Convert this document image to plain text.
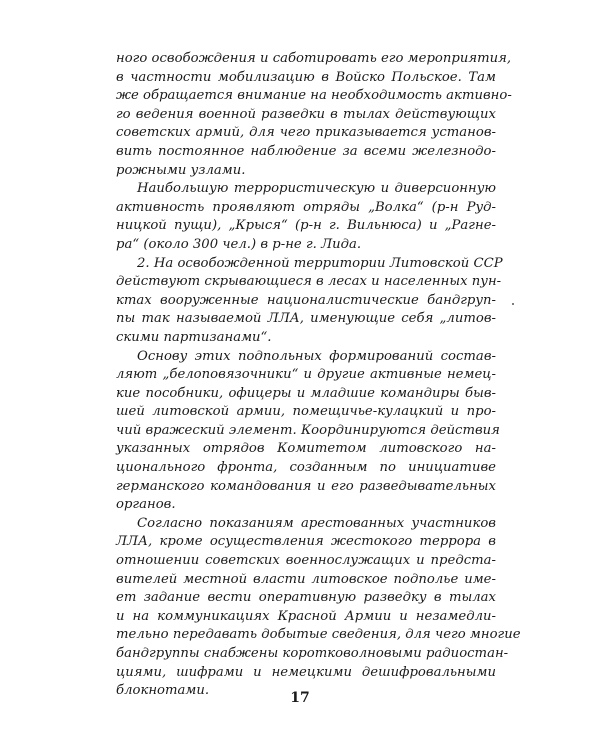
ного освобождения и саботировать его мероприятия,
в частности мобилизацию в Войско Польское. Там
же обращается внимание на необходимость активно-
го ведения военной разведки в тылах действующих
советских армий, для чего приказывается установ-
вить постоянное наблюдение за всеми железнодо-
рожными узлами.
Наибольшую террористическую и диверсионную
активность проявляют отряды „Волка“ (р-н Руд-
ницкой пущи), „Крыся“ (р-н г. Вильнюса) и „Рагне-
ра“ (около 300 чел.) в р-не г. Лида.
2. На освобожденной территории Литовской ССР
действуют скрывающиеся в лесах и населенных пун-
ктах вооруженные националистические бандгруп-
пы так называемой ЛЛА, именующие себя „литов-
скими партизанами“.
Основу этих подпольных формирований состав-
ляют „белоповязочники“ и другие активные немец-
кие пособники, офицеры и младшие командиры быв-
шей литовской армии, помещичье-кулацкий и про-
чий вражеский элемент. Координируются действия
указанных отрядов Комитетом литовского на-
ционального фронта, созданным по инициативе
германского командования и его разведывательных
органов.
Согласно показаниям арестованных участников
ЛЛА, кроме осуществления жестокого террора в
отношении советских военнослужащих и предста-
вителей местной власти литовское подполье име-
ет задание вести оперативную разведку в тылах
и на коммуникациях Красной Армии и незамедли-
тельно передавать добытые сведения, для чего многие
бандгруппы снабжены коротковолновыми радиостан-
циями, шифрами и немецкими дешифровальными
блокнотами.	17
